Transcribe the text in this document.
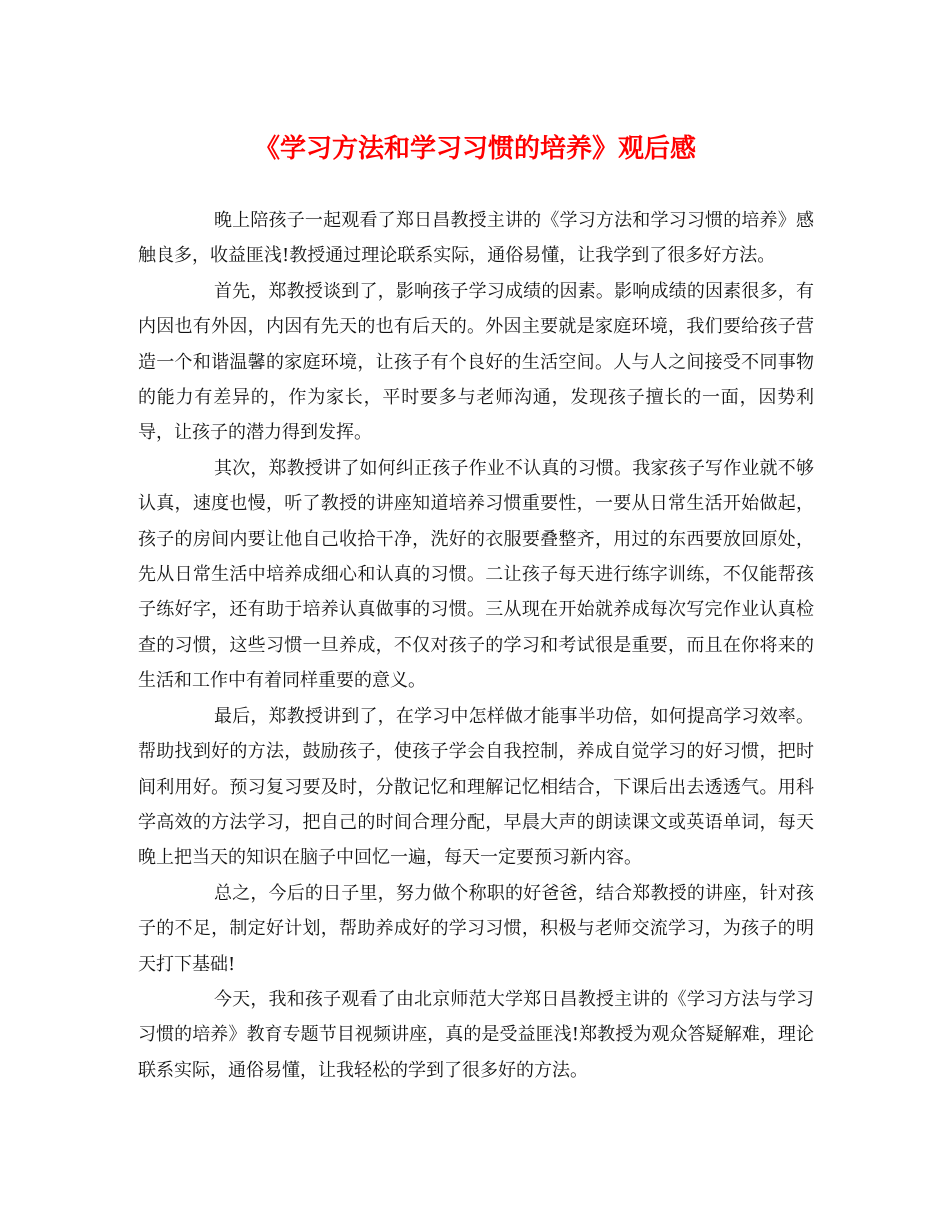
《学习方法和学习习惯的培养》观后感

晚上陪孩子一起观看了郑日昌教授主讲的《学习方法和学习习惯的培养》感触良多，收益匪浅!教授通过理论联系实际，通俗易懂，让我学到了很多好方法。

首先，郑教授谈到了，影响孩子学习成绩的因素。影响成绩的因素很多，有内因也有外因，内因有先天的也有后天的。外因主要就是家庭环境，我们要给孩子营造一个和谐温馨的家庭环境，让孩子有个良好的生活空间。人与人之间接受不同事物的能力有差异的，作为家长，平时要多与老师沟通，发现孩子擅长的一面，因势利导，让孩子的潜力得到发挥。

其次，郑教授讲了如何纠正孩子作业不认真的习惯。我家孩子写作业就不够认真，速度也慢，听了教授的讲座知道培养习惯重要性，一要从日常生活开始做起，孩子的房间内要让他自己收拾干净，洗好的衣服要叠整齐，用过的东西要放回原处，先从日常生活中培养成细心和认真的习惯。二让孩子每天进行练字训练，不仅能帮孩子练好字，还有助于培养认真做事的习惯。三从现在开始就养成每次写完作业认真检查的习惯，这些习惯一旦养成，不仅对孩子的学习和考试很是重要，而且在你将来的生活和工作中有着同样重要的意义。

最后，郑教授讲到了，在学习中怎样做才能事半功倍，如何提高学习效率。帮助找到好的方法，鼓励孩子，使孩子学会自我控制，养成自觉学习的好习惯，把时间利用好。预习复习要及时，分散记忆和理解记忆相结合，下课后出去透透气。用科学高效的方法学习，把自己的时间合理分配，早晨大声的朗读课文或英语单词，每天晚上把当天的知识在脑子中回忆一遍，每天一定要预习新内容。

总之，今后的日子里，努力做个称职的好爸爸，结合郑教授的讲座，针对孩子的不足，制定好计划，帮助养成好的学习习惯，积极与老师交流学习，为孩子的明天打下基础!

今天，我和孩子观看了由北京师范大学郑日昌教授主讲的《学习方法与学习习惯的培养》教育专题节目视频讲座，真的是受益匪浅!郑教授为观众答疑解难，理论联系实际，通俗易懂，让我轻松的学到了很多好的方法。
